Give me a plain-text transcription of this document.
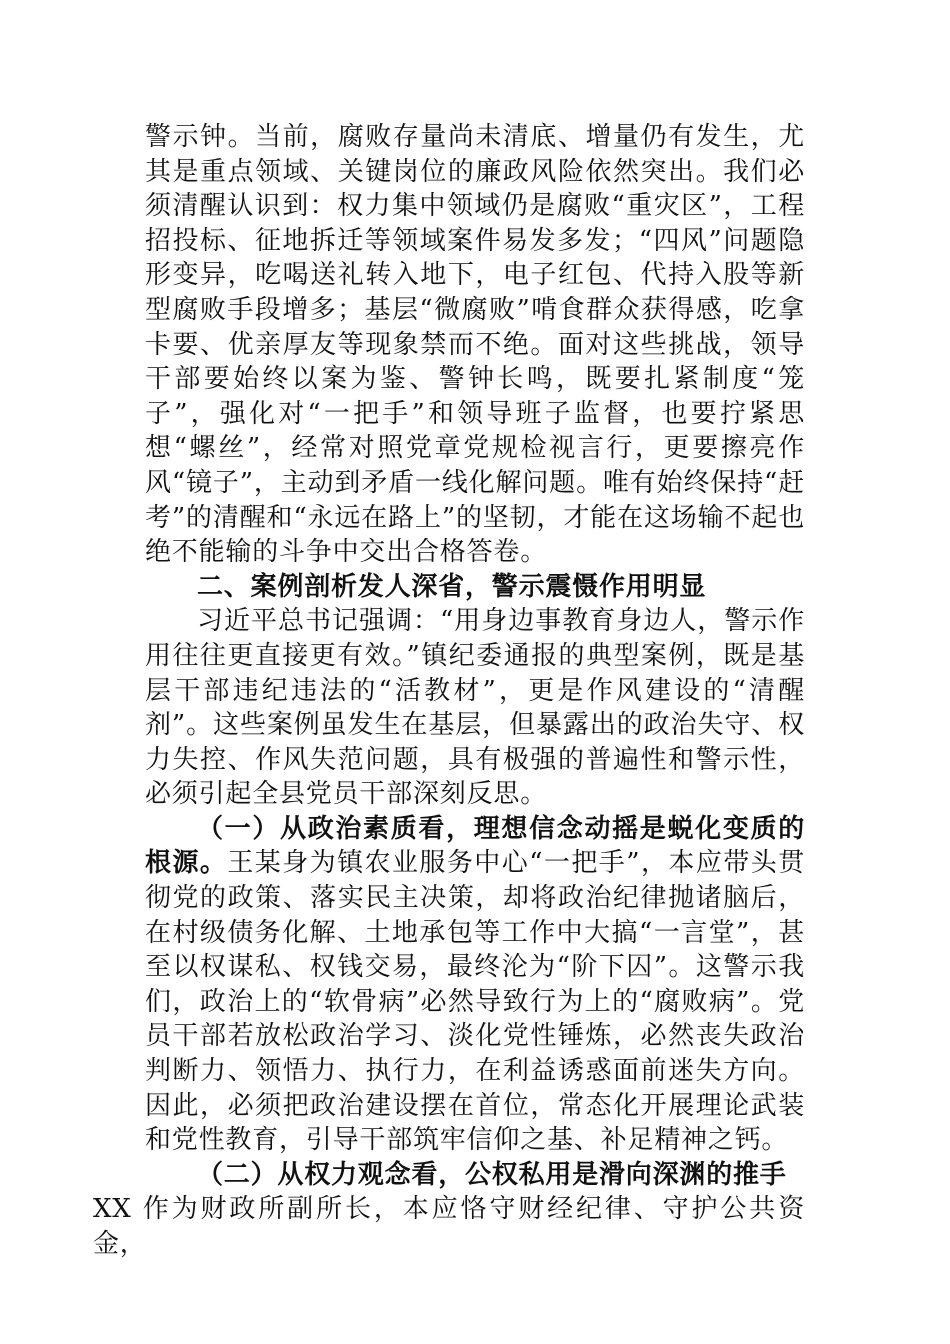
警示钟。当前，腐败存量尚未清底、增量仍有发生，尤其是重点领域、关键岗位的廉政风险依然突出。我们必须清醒认识到：权力集中领域仍是腐败“重灾区”，工程招投标、征地拆迁等领域案件易发多发；“四风”问题隐形变异，吃喝送礼转入地下，电子红包、代持入股等新型腐败手段增多；基层“微腐败”啃食群众获得感，吃拿卡要、优亲厚友等现象禁而不绝。面对这些挑战，领导干部要始终以案为鉴、警钟长鸣，既要扎紧制度“笼子”，强化对“一把手”和领导班子监督，也要拧紧思想“螺丝”，经常对照党章党规检视言行，更要擦亮作风“镜子”，主动到矛盾一线化解问题。唯有始终保持“赶考”的清醒和“永远在路上”的坚韧，才能在这场输不起也绝不能输的斗争中交出合格答卷。

二、案例剖析发人深省，警示震慑作用明显

习近平总书记强调：“用身边事教育身边人，警示作用往往更直接更有效。”镇纪委通报的典型案例，既是基层干部违纪违法的“活教材”，更是作风建设的“清醒剂”。这些案例虽发生在基层，但暴露出的政治失守、权力失控、作风失范问题，具有极强的普遍性和警示性，必须引起全县党员干部深刻反思。

（一）从政治素质看，理想信念动摇是蜕化变质的根源。王某身为镇农业服务中心“一把手”，本应带头贯彻党的政策、落实民主决策，却将政治纪律抛诸脑后，在村级债务化解、土地承包等工作中大搞“一言堂”，甚至以权谋私、权钱交易，最终沦为“阶下囚”。这警示我们，政治上的“软骨病”必然导致行为上的“腐败病”。党员干部若放松政治学习、淡化党性锤炼，必然丧失政治判断力、领悟力、执行力，在利益诱惑面前迷失方向。因此，必须把政治建设摆在首位，常态化开展理论武装和党性教育，引导干部筑牢信仰之基、补足精神之钙。

（二）从权力观念看，公权私用是滑向深渊的推手
XX 作为财政所副所长，本应恪守财经纪律、守护公共资金，
